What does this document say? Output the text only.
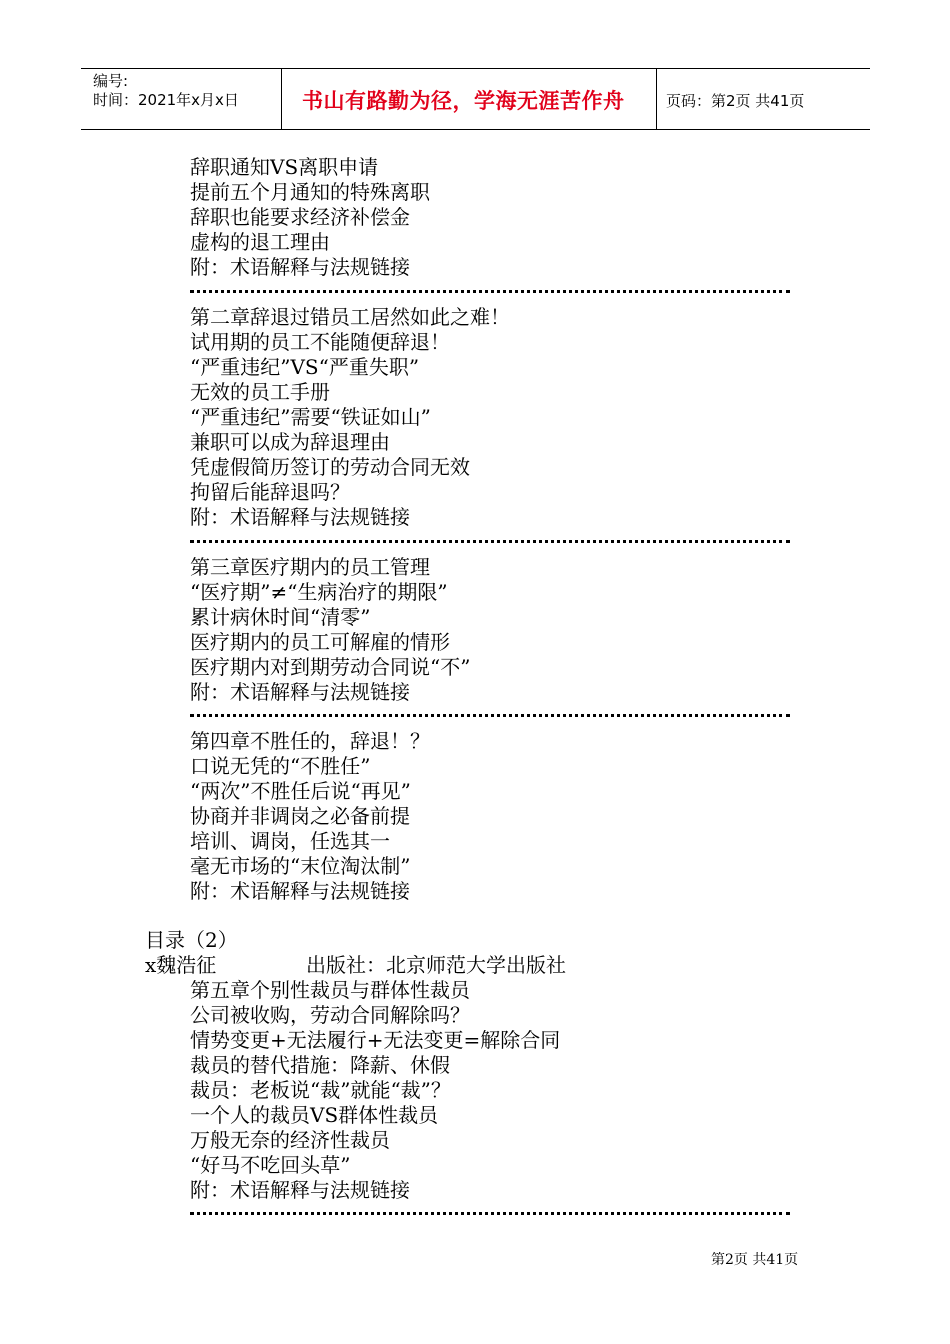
编号:
时间：2021年x月x日	书山有路勤为径，学海无涯苦作舟	页码：第2页 共41页
辞职通知VS离职申请
提前五个月通知的特殊离职
辞职也能要求经济补偿金
虚构的退工理由
附：术语解释与法规链接
第二章辞退过错员工居然如此之难！
试用期的员工不能随便辞退！
“严重违纪”VS“严重失职”
无效的员工手册
“严重违纪”需要“铁证如山”
兼职可以成为辞退理由
凭虚假简历签订的劳动合同无效
拘留后能辞退吗？
附：术语解释与法规链接
第三章医疗期内的员工管理
“医疗期”≠“生病治疗的期限”
累计病休时间“清零”
医疗期内的员工可解雇的情形
医疗期内对到期劳动合同说“不”
附：术语解释与法规链接
第四章不胜任的，辞退！？
口说无凭的“不胜任”
“两次”不胜任后说“再见”
协商并非调岗之必备前提
培训、调岗，任选其一
毫无市场的“末位淘汰制”
附：术语解释与法规链接
目录（2）
x魏浩征	出版社：北京师范大学出版社
第五章个别性裁员与群体性裁员
公司被收购，劳动合同解除吗？
情势变更+无法履行+无法变更=解除合同
裁员的替代措施：降薪、休假
裁员：老板说“裁”就能“裁”？
一个人的裁员VS群体性裁员
万般无奈的经济性裁员
“好马不吃回头草”
附：术语解释与法规链接
第2页 共41页
